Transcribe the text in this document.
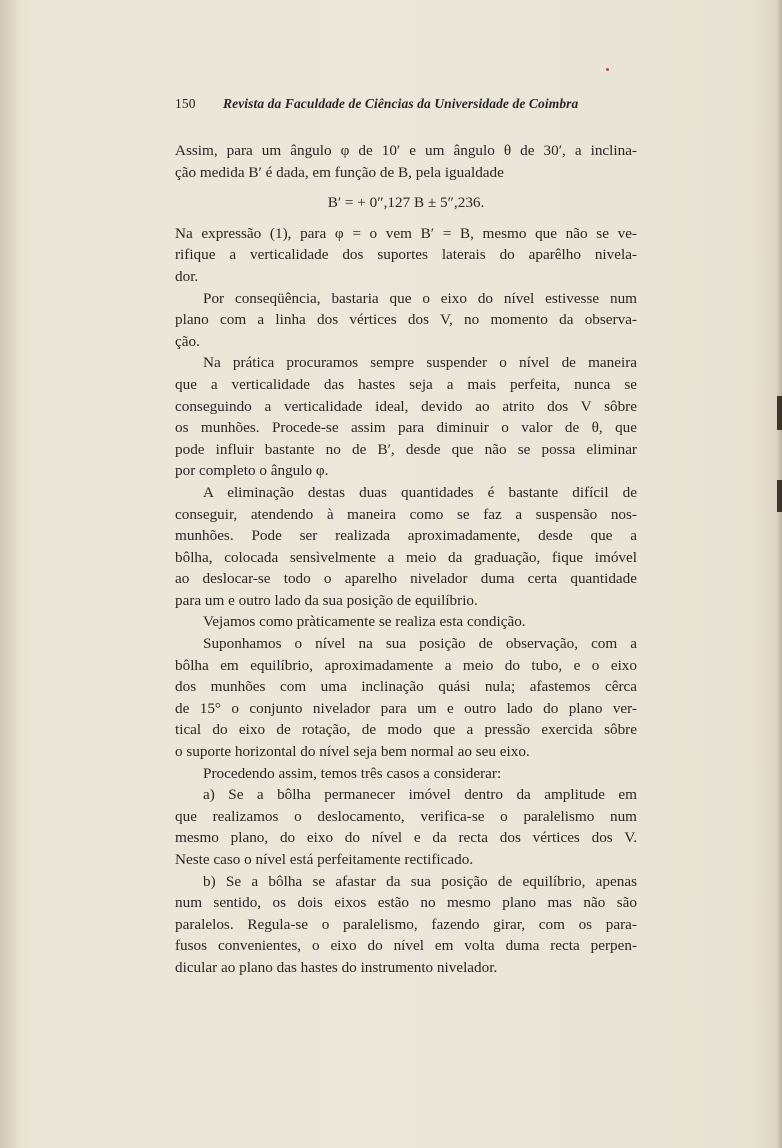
150 Revista da Faculdade de Ciências da Universidade de Coimbra
Assim, para um ângulo φ de 10′ e um ângulo θ de 30′, a inclina-
ção medida B′ é dada, em função de B, pela igualdade
B′ = + 0″,127 B ± 5″,236.
Na expressão (1), para φ = o vem B′ = B, mesmo que não se ve-
rifique a verticalidade dos suportes laterais do aparêlho nivela-
dor.
Por conseqüência, bastaria que o eixo do nível estivesse num
plano com a linha dos vértices dos V, no momento da observa-
ção.
Na prática procuramos sempre suspender o nível de maneira
que a verticalidade das hastes seja a mais perfeita, nunca se
conseguindo a verticalidade ideal, devido ao atrito dos V sôbre
os munhões. Procede-se assim para diminuir o valor de θ, que
pode influir bastante no de B′, desde que não se possa eliminar
por completo o ângulo φ.
A eliminação destas duas quantidades é bastante difícil de
conseguir, atendendo à maneira como se faz a suspensão nos-
munhões. Pode ser realizada aproximadamente, desde que a
bôlha, colocada sensìvelmente a meio da graduação, fique imóvel
ao deslocar-se todo o aparelho nivelador duma certa quantidade
para um e outro lado da sua posição de equilíbrio.
Vejamos como pràticamente se realiza esta condição.
Suponhamos o nível na sua posição de observação, com a
bôlha em equilíbrio, aproximadamente a meio do tubo, e o eixo
dos munhões com uma inclinação quási nula; afastemos cêrca
de 15° o conjunto nivelador para um e outro lado do plano ver-
tical do eixo de rotação, de modo que a pressão exercida sôbre
o suporte horizontal do nível seja bem normal ao seu eixo.
Procedendo assim, temos três casos a considerar:
a) Se a bôlha permanecer imóvel dentro da amplitude em
que realizamos o deslocamento, verifica-se o paralelismo num
mesmo plano, do eixo do nível e da recta dos vértices dos V.
Neste caso o nível está perfeitamente rectificado.
b) Se a bôlha se afastar da sua posição de equilíbrio, apenas
num sentido, os dois eixos estão no mesmo plano mas não são
paralelos. Regula-se o paralelismo, fazendo girar, com os para-
fusos convenientes, o eixo do nível em volta duma recta perpen-
dicular ao plano das hastes do instrumento nivelador.
